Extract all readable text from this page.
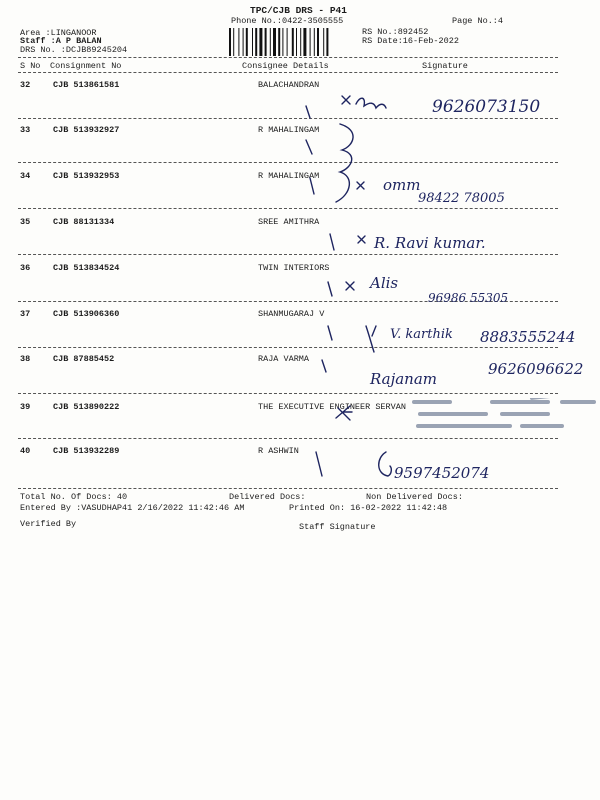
TPC/CJB DRS - P41
Phone No.:0422-3505555	Page No.:4
Area :LINGANOOR
Staff :A P BALAN
DRS No. :DCJB89245204
RS No.:892452
RS Date:16-Feb-2022
S No Consignment No	Consignee Details	Signature
32	CJB 513861581	BALACHANDRAN
33	CJB 513932927	R MAHALINGAM
34	CJB 513932953	R MAHALINGAM
35	CJB 88131334	SREE AMITHRA
36	CJB 513834524	TWIN INTERIORS
37	CJB 513906360	SHANMUGARAJ V
38	CJB 87885452	RAJA VARMA
39	CJB 513890222	THE EXECUTIVE ENGINEER SERVAN
40	CJB 513932289	R ASHWIN
Total No. Of Docs: 40	Delivered Docs:	Non Delivered Docs:
Entered By :VASUDHAP41 2/16/2022 11:42:46 AM	Printed On: 16-02-2022 11:42:48
Verified By	Staff Signature
9626073150
omm
98422 78005
R. Ravi kumar.
Alis
96986 55305
V. karthik 8883555244
Rajanam
9626096622
9597452074
